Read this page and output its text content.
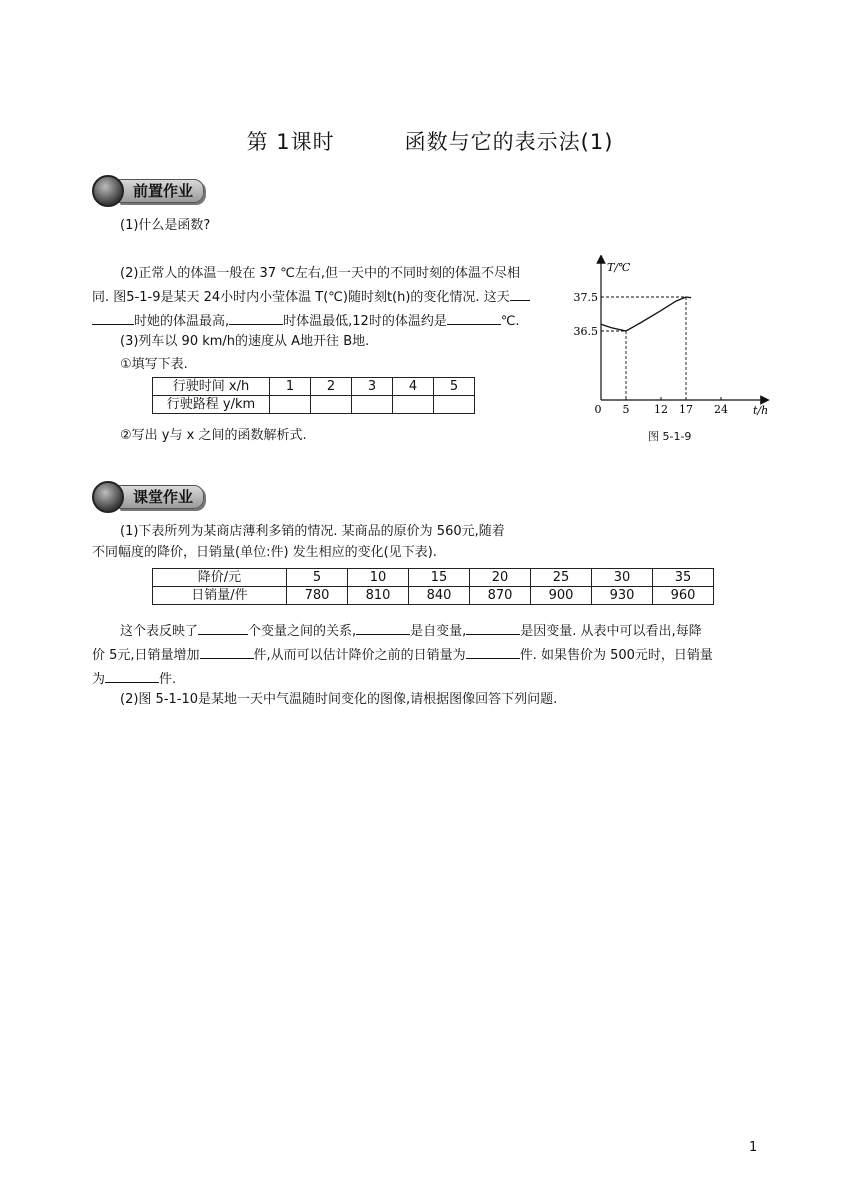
第 1课时	函数与它的表示法(1)
前置作业
(1)什么是函数?
(2)正常人的体温一般在 37 ℃左右,但一天中的不同时刻的体温不尽相
同. 图5-1-9是某天 24小时内小莹体温 T(℃)随时刻t(h)的变化情况. 这天
时她的体温最高,	时体温最低,12时的体温约是	℃.
(3)列车以 90 km/h的速度从 A地开往 B地.
①填写下表.
行驶时间 x/h	1	2	3	4	5
行驶路程 y/km					
②写出 y与 x 之间的函数解析式.
T/℃
t/h
0 5 12 17 24
36.5
37.5
图 5-1-9
课堂作业
(1)下表所列为某商店薄利多销的情况. 某商品的原价为 560元,随着
不同幅度的降价，日销量(单位:件) 发生相应的变化(见下表).
降价/元	5	10	15	20	25	30	35
日销量/件	780	810	840	870	900	930	960
这个表反映了	个变量之间的关系,	是自变量,	是因变量. 从表中可以看出,每降
价 5元,日销量增加	件,从而可以估计降价之前的日销量为	件. 如果售价为 500元时，日销量
为	件.
(2)图 5-1-10是某地一天中气温随时间变化的图像,请根据图像回答下列问题.
1
